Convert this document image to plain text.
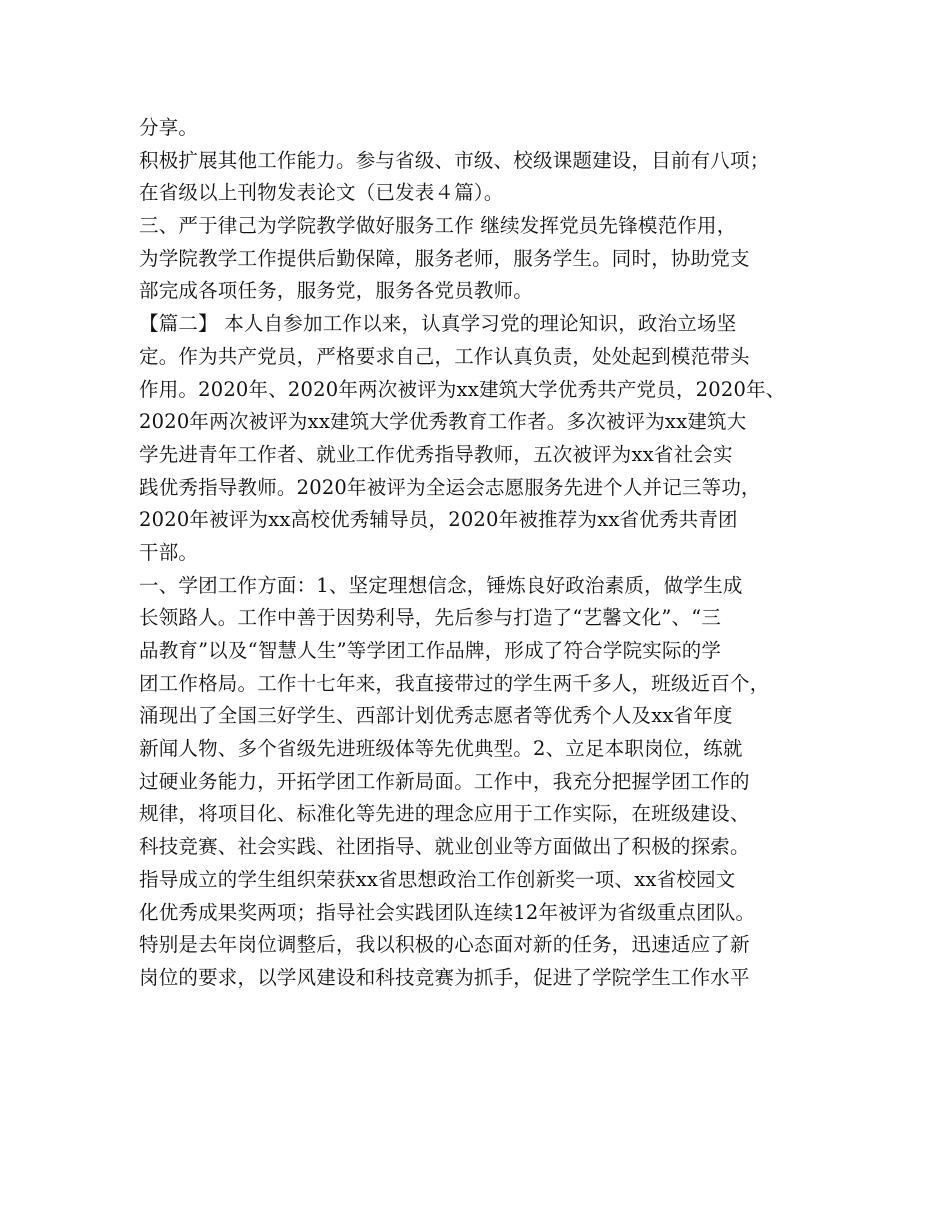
分享。
积极扩展其他工作能力。参与省级、市级、校级课题建设，目前有八项；
在省级以上刊物发表论文（已发表４篇）。
三、严于律己为学院教学做好服务工作 继续发挥党员先锋模范作用，
为学院教学工作提供后勤保障，服务老师，服务学生。同时，协助党支
部完成各项任务，服务党，服务各党员教师。
【篇二】 本人自参加工作以来，认真学习党的理论知识，政治立场坚
定。作为共产党员，严格要求自己，工作认真负责，处处起到模范带头
作用。2020年、2020年两次被评为xx建筑大学优秀共产党员，2020年、
2020年两次被评为xx建筑大学优秀教育工作者。多次被评为xx建筑大
学先进青年工作者、就业工作优秀指导教师，五次被评为xx省社会实
践优秀指导教师。2020年被评为全运会志愿服务先进个人并记三等功，
2020年被评为xx高校优秀辅导员，2020年被推荐为xx省优秀共青团
干部。
一、学团工作方面：1、坚定理想信念，锤炼良好政治素质，做学生成
长领路人。工作中善于因势利导，先后参与打造了“艺馨文化”、“三
品教育”以及“智慧人生”等学团工作品牌，形成了符合学院实际的学
团工作格局。工作十七年来，我直接带过的学生两千多人，班级近百个，
涌现出了全国三好学生、西部计划优秀志愿者等优秀个人及xx省年度
新闻人物、多个省级先进班级体等先优典型。2、立足本职岗位，练就
过硬业务能力，开拓学团工作新局面。工作中，我充分把握学团工作的
规律，将项目化、标准化等先进的理念应用于工作实际，在班级建设、
科技竞赛、社会实践、社团指导、就业创业等方面做出了积极的探索。
指导成立的学生组织荣获xx省思想政治工作创新奖一项、xx省校园文
化优秀成果奖两项；指导社会实践团队连续12年被评为省级重点团队。
特别是去年岗位调整后，我以积极的心态面对新的任务，迅速适应了新
岗位的要求，以学风建设和科技竞赛为抓手，促进了学院学生工作水平
